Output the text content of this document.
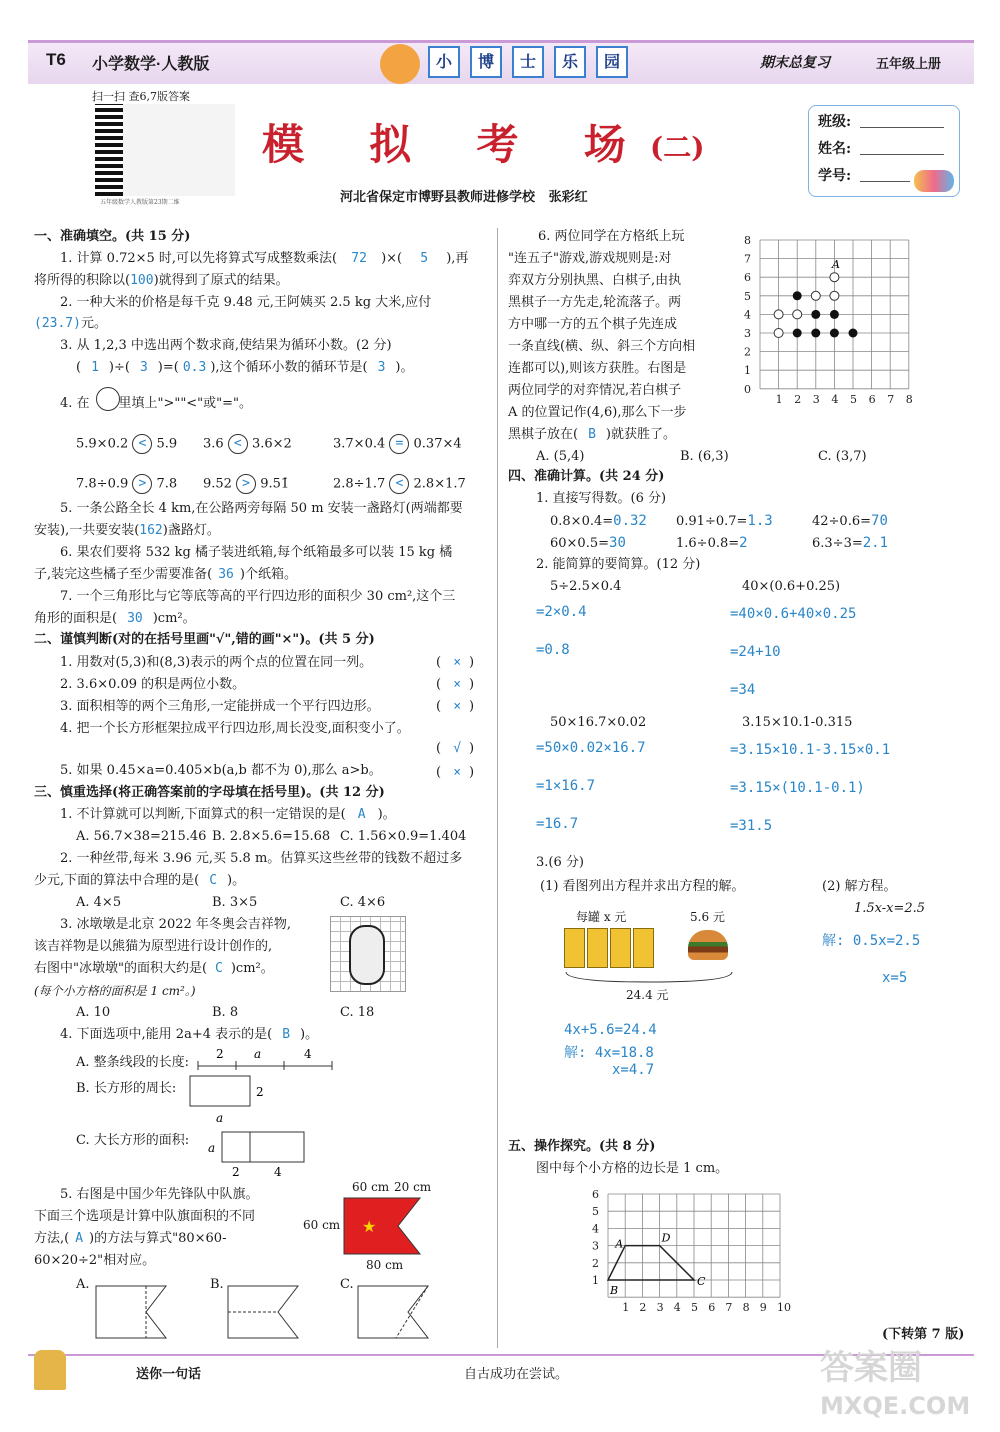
T6 小学数学·人教版	小	博	士	乐	园	期末总复习	五年级上册
扫一扫 查6,7版答案
五年级数学人教版第23期二维
模  拟  考  场 (二)
河北省保定市博野县教师进修学校   张彩红
班级:
姓名:
学号:
一、准确填空。(共 15 分)
1. 计算 0.72×5 时,可以先将算式写成整数乘法( 72 )×( 5 ),再
将所得的积除以(100)就得到了原式的结果。
2. 一种大米的价格是每千克 9.48 元,王阿姨买 2.5 kg 大米,应付
(23.7)元。
3. 从 1,2,3 中选出两个数求商,使结果为循环小数。(2 分)
( 1 )÷( 3 )=( 0.3 ),这个循环小数的循环节是( 3 )。
4. 在       里填上">""<"或"="。
5.9×0.2 < 5.9 3.6 < 3.6×2	3.7×0.4 = 0.37×4
7.8÷0.9 > 7.8 9.52 > 9.51̇	2.8÷1.7 < 2.8×1.7
5. 一条公路全长 4 km,在公路两旁每隔 50 m 安装一盏路灯(两端都要
安装),一共要安装(162)盏路灯。
6. 果农们要将 532 kg 橘子装进纸箱,每个纸箱最多可以装 15 kg 橘
子,装完这些橘子至少需要准备( 36 )个纸箱。
7. 一个三角形比与它等底等高的平行四边形的面积少 30 cm²,这个三
角形的面积是( 30 )cm²。
二、谨慎判断(对的在括号里画"√",错的画"×")。(共 5 分)
1. 用数对(5,3)和(8,3)表示的两个点的位置在同一列。	( × )
2. 3.6×0.09 的积是两位小数。	( × )
3. 面积相等的两个三角形,一定能拼成一个平行四边形。	( × )
4. 把一个长方形框架拉成平行四边形,周长没变,面积变小了。
( √ )
5. 如果 0.45×a=0.405×b(a,b 都不为 0),那么 a>b。	( × )
三、慎重选择(将正确答案前的字母填在括号里)。(共 12 分)
1. 不计算就可以判断,下面算式的积一定错误的是( A )。
A. 56.7×38=215.46 B. 2.8×5.6=15.68 C. 1.56×0.9=1.404
2. 一种丝带,每米 3.96 元,买 5.8 m。估算买这些丝带的钱数不超过多
少元,下面的算法中合理的是( C )。
A. 4×5	B. 3×5	C. 4×6
3. 冰墩墩是北京 2022 年冬奥会吉祥物,
该吉祥物是以熊猫为原型进行设计创作的,
右图中"冰墩墩"的面积大约是( C )cm²。
(每个小方格的面积是 1 cm²。)
A. 10	B. 8	C. 18
4. 下面选项中,能用 2a+4 表示的是( B )。
A. 整条线段的长度:
2	a	4
B. 长方形的周长:	2
a
C. 大长方形的面积: a
2	4
5. 右图是中国少年先锋队中队旗。
下面三个选项是计算中队旗面积的不同
方法,( A )的方法与算式"80×60-
60×20÷2"相对应。
60 cm 20 cm
60 cm
80 cm
★
A.	B.	C.
6. 两位同学在方格纸上玩
"连五子"游戏,游戏规则是:对
弈双方分别执黑、白棋子,由执
黑棋子一方先走,轮流落子。两
方中哪一方的五个棋子先连成
一条直线(横、纵、斜三个方向相
连都可以),则该方获胜。右图是
两位同学的对弈情况,若白棋子
A 的位置记作(4,6),那么下一步
黑棋子放在( B )就获胜了。
A. (5,4)	B. (6,3)	C. (3,7)
0
1
1
2
2
3
3
4
4
5
5
6
6
7
7
8
8
A
四、准确计算。(共 24 分)
1. 直接写得数。(6 分)
0.8×0.4=0.32 0.91÷0.7=1.3	42÷0.6=70
60×0.5=30	1.6÷0.8=2	6.3÷3=2.1
2. 能简算的要简算。(12 分)
5÷2.5×0.4
=2×0.4
=0.8
40×(0.6+0.25)
=40×0.6+40×0.25
=24+10
=34
50×16.7×0.02
=50×0.02×16.7
=1×16.7
=16.7
3.15×10.1-0.315
=3.15×10.1-3.15×0.1
=3.15×(10.1-0.1)
=31.5
3.(6 分)
(1) 看图列出方程并求出方程的解。	(2) 解方程。
1.5x-x=2.5
解: 0.5x=2.5
x=5
每罐 x 元	5.6 元
24.4 元
4x+5.6=24.4
解: 4x=18.8
x=4.7
五、操作探究。(共 8 分)
图中每个小方格的边长是 1 cm。
1 2 3 4 5 6 7 8 9 10
1
2
3
4
5
6
A	D
B
C
(下转第 7 版)
送你一句话	自古成功在尝试。	答案圈
MXQE.COM
